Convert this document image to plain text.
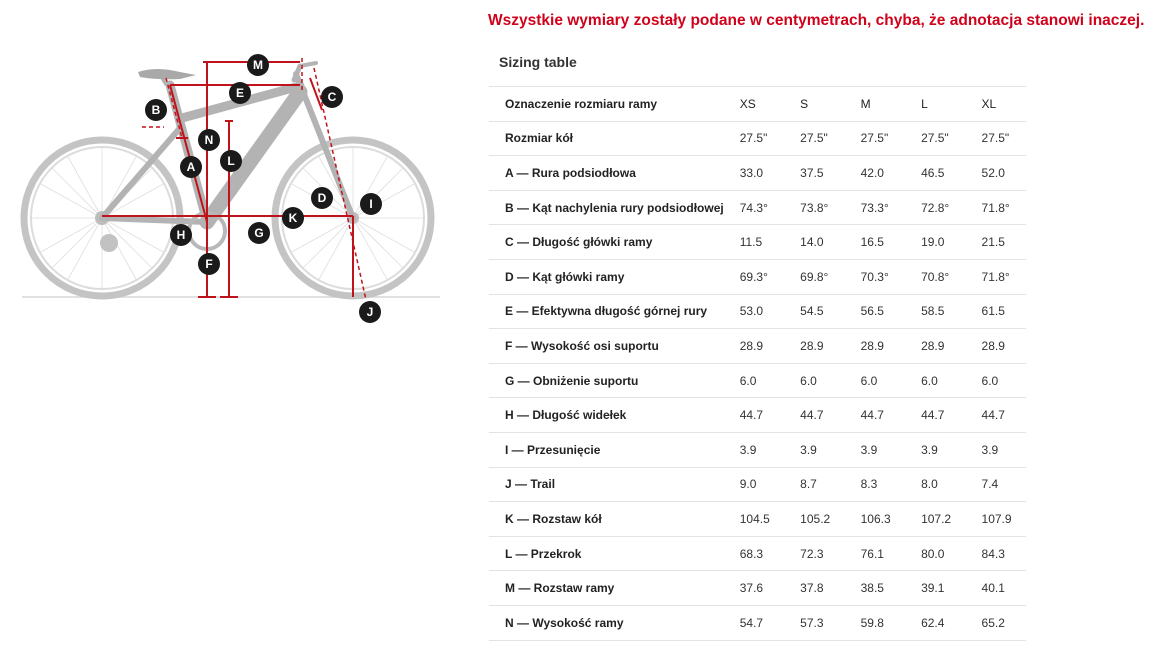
M
E	C
B
N
A	L
D	I
K
H	G
F
J

Wszystkie wymiary zostały podane w centymetrach, chyba, że adnotacja stanowi inaczej.

Sizing table
Oznaczenie rozmiaru ramy	XS	S	M	L	XL
Rozmiar kół	27.5"	27.5"	27.5"	27.5"	27.5"
A — Rura podsiodłowa	33.0	37.5	42.0	46.5	52.0
B — Kąt nachylenia rury podsiodłowej	74.3°	73.8°	73.3°	72.8°	71.8°
C — Długość główki ramy	11.5	14.0	16.5	19.0	21.5
D — Kąt główki ramy	69.3°	69.8°	70.3°	70.8°	71.8°
E — Efektywna długość górnej rury	53.0	54.5	56.5	58.5	61.5
F — Wysokość osi suportu	28.9	28.9	28.9	28.9	28.9
G — Obniżenie suportu	6.0	6.0	6.0	6.0	6.0
H — Długość widełek	44.7	44.7	44.7	44.7	44.7
I — Przesunięcie	3.9	3.9	3.9	3.9	3.9
J — Trail	9.0	8.7	8.3	8.0	7.4
K — Rozstaw kół	104.5	105.2	106.3	107.2	107.9
L — Przekrok	68.3	72.3	76.1	80.0	84.3
M — Rozstaw ramy	37.6	37.8	38.5	39.1	40.1
N — Wysokość ramy	54.7	57.3	59.8	62.4	65.2
